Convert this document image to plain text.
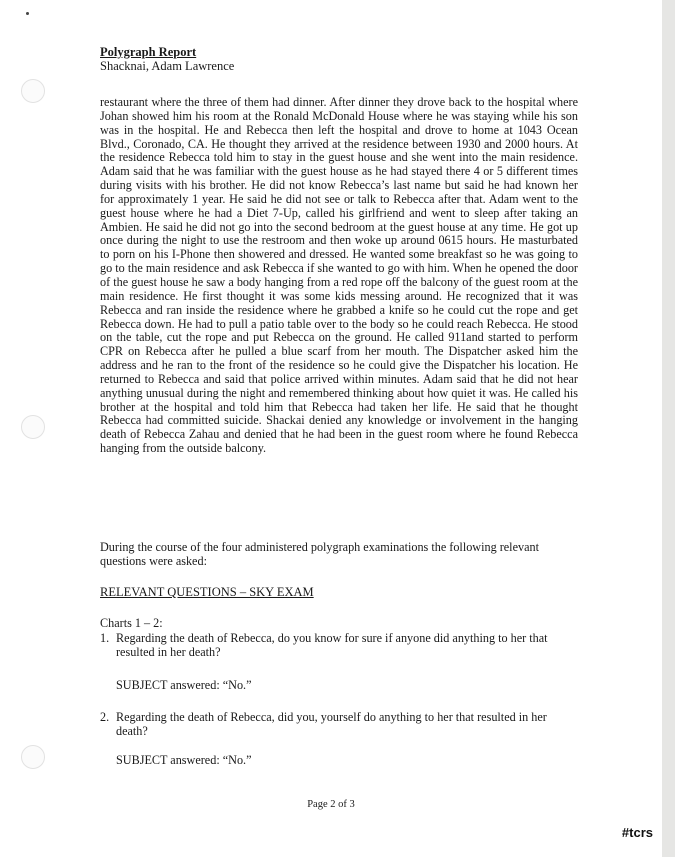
Polygraph Report
Shacknai, Adam Lawrence
restaurant where the three of them had dinner. After dinner they drove back to the hospital where Johan showed him his room at the Ronald McDonald House where he was staying while his son was in the hospital. He and Rebecca then left the hospital and drove to home at 1043 Ocean Blvd., Coronado, CA. He thought they arrived at the residence between 1930 and 2000 hours. At the residence Rebecca told him to stay in the guest house and she went into the main residence. Adam said that he was familiar with the guest house as he had stayed there 4 or 5 different times during visits with his brother. He did not know Rebecca’s last name but said he had known her for approximately 1 year. He said he did not see or talk to Rebecca after that. Adam went to the guest house where he had a Diet 7-Up, called his girlfriend and went to sleep after taking an Ambien. He said he did not go into the second bedroom at the guest house at any time. He got up once during the night to use the restroom and then woke up around 0615 hours. He masturbated to porn on his I-Phone then showered and dressed. He wanted some breakfast so he was going to go to the main residence and ask Rebecca if she wanted to go with him. When he opened the door of the guest house he saw a body hanging from a red rope off the balcony of the guest room at the main residence. He first thought it was some kids messing around. He recognized that it was Rebecca and ran inside the residence where he grabbed a knife so he could cut the rope and get Rebecca down. He had to pull a patio table over to the body so he could reach Rebecca. He stood on the table, cut the rope and put Rebecca on the ground. He called 911and started to perform CPR on Rebecca after he pulled a blue scarf from her mouth. The Dispatcher asked him the address and he ran to the front of the residence so he could give the Dispatcher his location. He returned to Rebecca and said that police arrived within minutes. Adam said that he did not hear anything unusual during the night and remembered thinking about how quiet it was. He called his brother at the hospital and told him that Rebecca had taken her life. He said that he thought Rebecca had committed suicide. Shackai denied any knowledge or involvement in the hanging death of Rebecca Zahau and denied that he had been in the guest room where he found Rebecca hanging from the outside balcony.
During the course of the four administered polygraph examinations the following relevant questions were asked:
RELEVANT QUESTIONS – SKY EXAM
Charts 1 – 2:
1. Regarding the death of Rebecca, do you know for sure if anyone did anything to her that resulted in her death?
SUBJECT answered: “No.”
2. Regarding the death of Rebecca, did you, yourself do anything to her that resulted in her death?
SUBJECT answered: “No.”
Page 2 of 3
#tcrs
